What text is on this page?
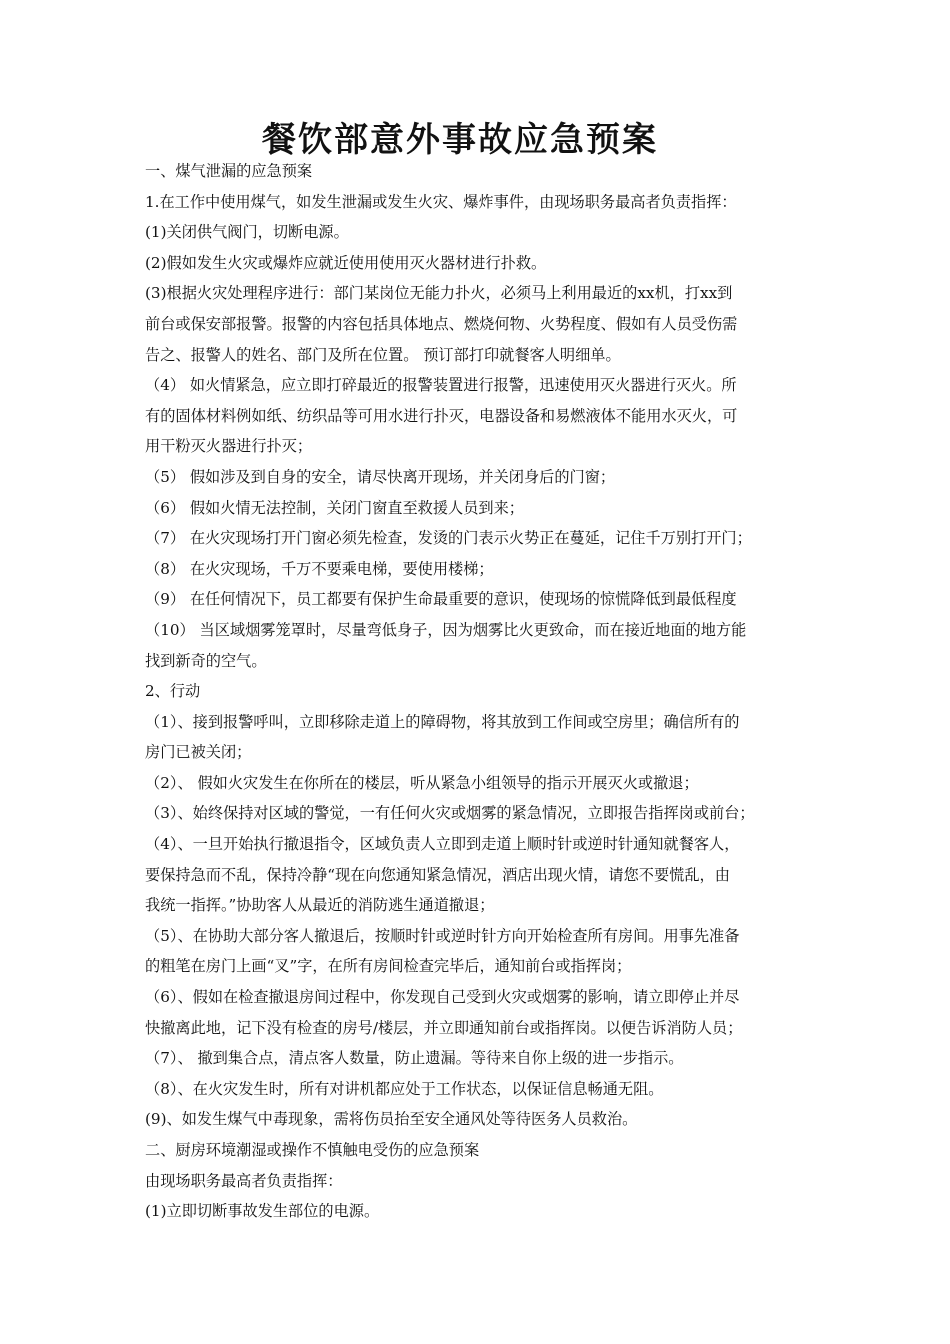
餐饮部意外事故应急预案
一、煤气泄漏的应急预案
1.在工作中使用煤气，如发生泄漏或发生火灾、爆炸事件，由现场职务最高者负责指挥：
(1)关闭供气阀门，切断电源。
(2)假如发生火灾或爆炸应就近使用使用灭火器材进行扑救。
(3)根据火灾处理程序进行：部门某岗位无能力扑火，必须马上利用最近的xx机，打xx到
前台或保安部报警。报警的内容包括具体地点、燃烧何物、火势程度、假如有人员受伤需
告之、报警人的姓名、部门及所在位置。 预订部打印就餐客人明细单。
（4） 如火情紧急，应立即打碎最近的报警装置进行报警，迅速使用灭火器进行灭火。所
有的固体材料例如纸、纺织品等可用水进行扑灭，电器设备和易燃液体不能用水灭火，可
用干粉灭火器进行扑灭；
（5） 假如涉及到自身的安全，请尽快离开现场，并关闭身后的门窗；
（6） 假如火情无法控制，关闭门窗直至救援人员到来；
（7） 在火灾现场打开门窗必须先检查，发烫的门表示火势正在蔓延，记住千万别打开门；
（8） 在火灾现场，千万不要乘电梯，要使用楼梯；
（9） 在任何情况下，员工都要有保护生命最重要的意识，使现场的惊慌降低到最低程度
（10） 当区域烟雾笼罩时，尽量弯低身子，因为烟雾比火更致命，而在接近地面的地方能
找到新奇的空气。
2、行动
（1）、接到报警呼叫，立即移除走道上的障碍物，将其放到工作间或空房里；确信所有的
房门已被关闭；
（2）、 假如火灾发生在你所在的楼层，听从紧急小组领导的指示开展灭火或撤退；
（3）、始终保持对区域的警觉，一有任何火灾或烟雾的紧急情况，立即报告指挥岗或前台；
（4）、一旦开始执行撤退指令，区域负责人立即到走道上顺时针或逆时针通知就餐客人，
要保持急而不乱，保持冷静“现在向您通知紧急情况，酒店出现火情，请您不要慌乱，由
我统一指挥。”协助客人从最近的消防逃生通道撤退；
（5）、在协助大部分客人撤退后，按顺时针或逆时针方向开始检查所有房间。用事先准备
的粗笔在房门上画“叉”字，在所有房间检查完毕后，通知前台或指挥岗；
（6）、假如在检查撤退房间过程中，你发现自己受到火灾或烟雾的影响，请立即停止并尽
快撤离此地，记下没有检查的房号/楼层，并立即通知前台或指挥岗。以便告诉消防人员；
（7）、 撤到集合点，清点客人数量，防止遗漏。等待来自你上级的进一步指示。
（8）、在火灾发生时，所有对讲机都应处于工作状态，以保证信息畅通无阻。
(9)、如发生煤气中毒现象，需将伤员抬至安全通风处等待医务人员救治。
二、厨房环境潮湿或操作不慎触电受伤的应急预案
由现场职务最高者负责指挥：
(1)立即切断事故发生部位的电源。
